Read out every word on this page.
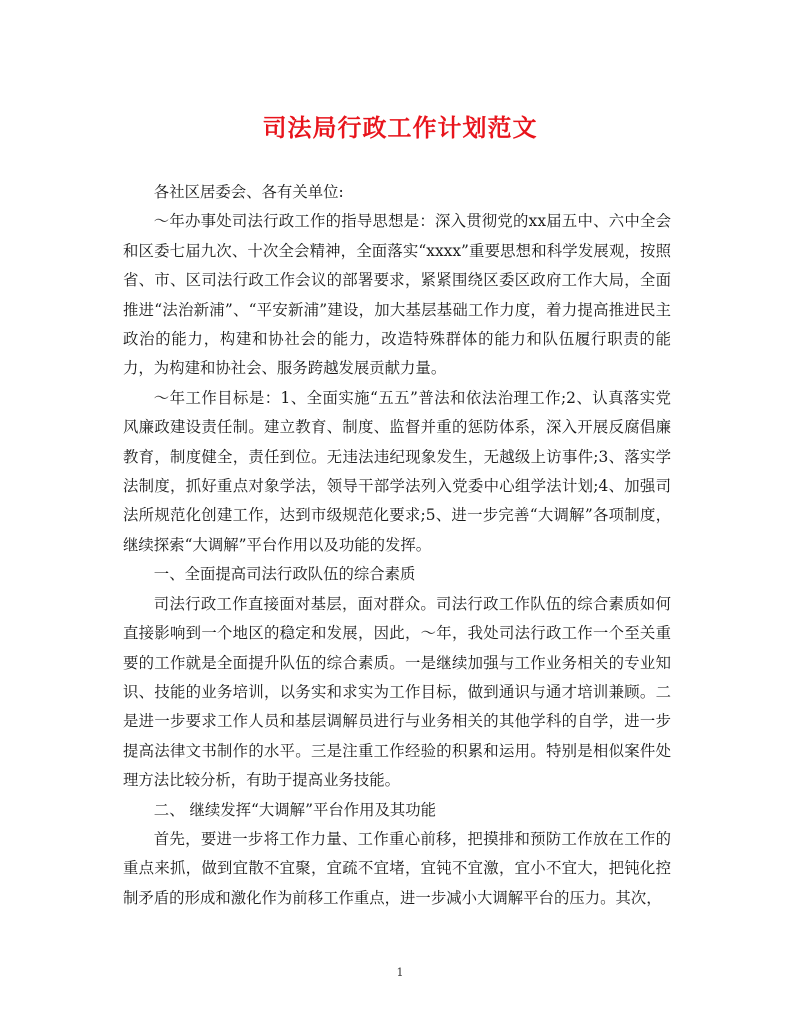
司法局行政工作计划范文

各社区居委会、各有关单位:

～年办事处司法行政工作的指导思想是：深入贯彻党的xx届五中、六中全会和区委七届九次、十次全会精神，全面落实“xxxx”重要思想和科学发展观，按照省、市、区司法行政工作会议的部署要求，紧紧围绕区委区政府工作大局，全面推进“法治新浦”、“平安新浦”建设，加大基层基础工作力度，着力提高推进民主政治的能力，构建和协社会的能力，改造特殊群体的能力和队伍履行职责的能力，为构建和协社会、服务跨越发展贡献力量。

～年工作目标是：1、全面实施“五五”普法和依法治理工作;2、认真落实党风廉政建设责任制。建立教育、制度、监督并重的惩防体系，深入开展反腐倡廉教育，制度健全，责任到位。无违法违纪现象发生，无越级上访事件;3、落实学法制度，抓好重点对象学法，领导干部学法列入党委中心组学法计划;4、加强司法所规范化创建工作，达到市级规范化要求;5、进一步完善“大调解”各项制度，继续探索“大调解”平台作用以及功能的发挥。

一、全面提高司法行政队伍的综合素质

司法行政工作直接面对基层，面对群众。司法行政工作队伍的综合素质如何直接影响到一个地区的稳定和发展，因此，～年，我处司法行政工作一个至关重要的工作就是全面提升队伍的综合素质。一是继续加强与工作业务相关的专业知识、技能的业务培训，以务实和求实为工作目标，做到通识与通才培训兼顾。二是进一步要求工作人员和基层调解员进行与业务相关的其他学科的自学，进一步提高法律文书制作的水平。三是注重工作经验的积累和运用。特别是相似案件处理方法比较分析，有助于提高业务技能。

二、 继续发挥“大调解”平台作用及其功能

首先，要进一步将工作力量、工作重心前移，把摸排和预防工作放在工作的重点来抓，做到宜散不宜聚，宜疏不宜堵，宜钝不宜激，宜小不宜大，把钝化控制矛盾的形成和激化作为前移工作重点，进一步减小大调解平台的压力。其次，

1
